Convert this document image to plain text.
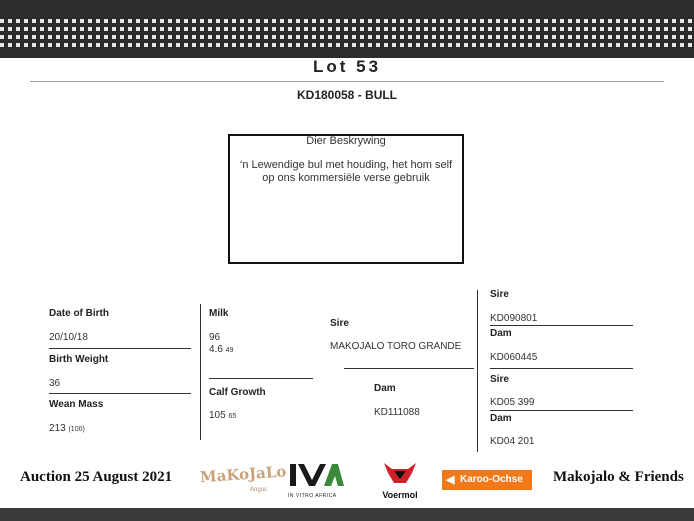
Lot 53
KD180058 - BULL
Dier Beskrywing
‘n Lewendige bul met houding, het hom self op ons kommersiële verse gebruik
Date of Birth
20/10/18
Birth Weight
36
Wean Mass
213 (100)
Milk
96
4.6 49
Calf Growth
105 65
Sire
MAKOJALO TORO GRANDE
Dam
KD111088
Sire
KD090801
Dam
KD060445
Sire
KD05 399
Dam
KD04 201
Auction 25 August 2021	Makojalo & Friends
MaKoJaLo
Angus
IN VITRO AFRICA	Voermol
◀ Karoo-Ochse
